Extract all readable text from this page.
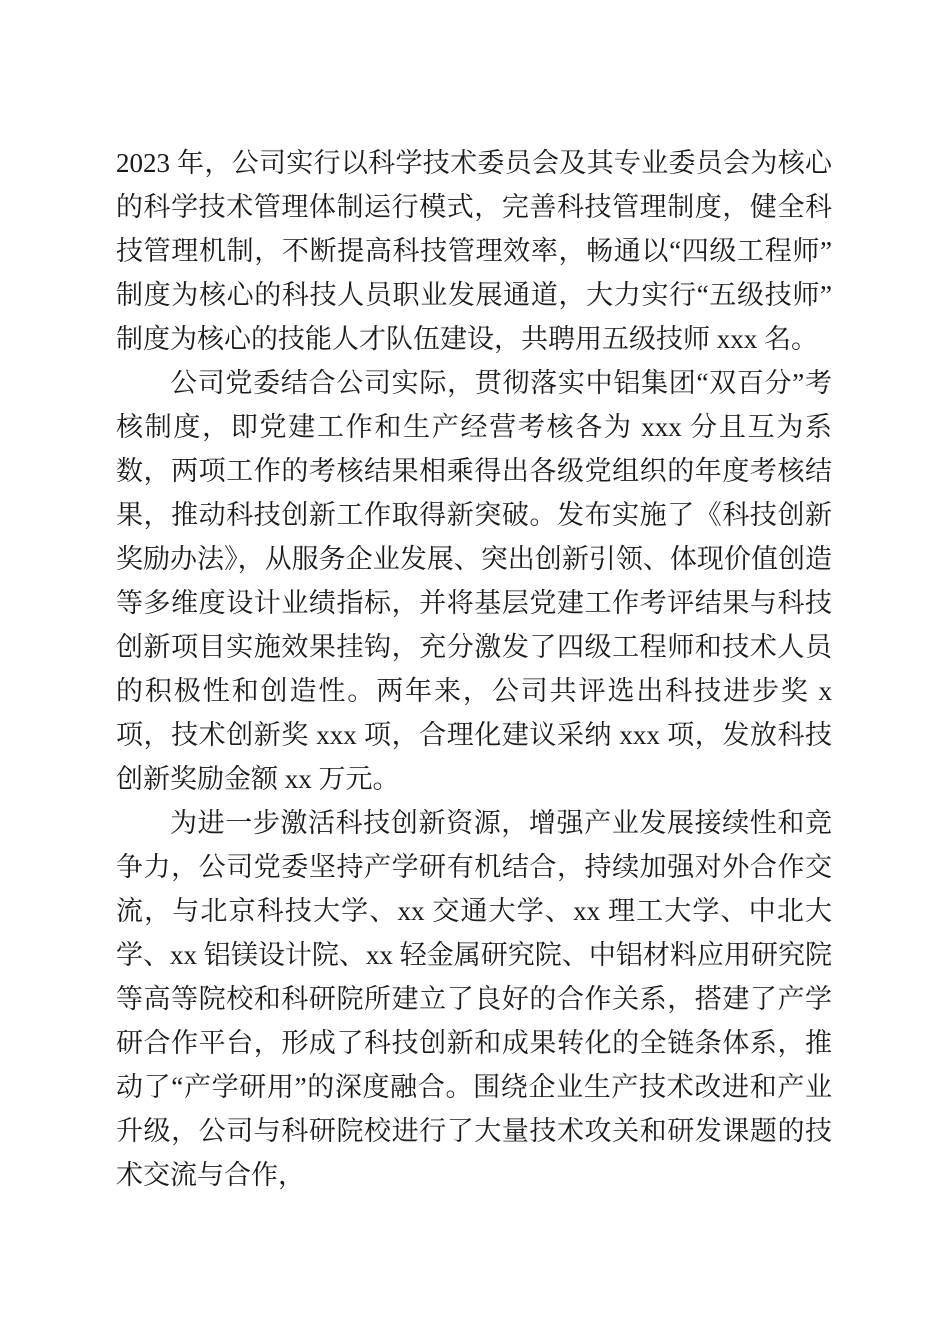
2023 年，公司实行以科学技术委员会及其专业委员会为核心的科学技术管理体制运行模式，完善科技管理制度，健全科技管理机制，不断提高科技管理效率，畅通以“四级工程师”制度为核心的科技人员职业发展通道，大力实行“五级技师”制度为核心的技能人才队伍建设，共聘用五级技师 xxx 名。

公司党委结合公司实际，贯彻落实中铝集团“双百分”考核制度，即党建工作和生产经营考核各为 xxx 分且互为系数，两项工作的考核结果相乘得出各级党组织的年度考核结果，推动科技创新工作取得新突破。发布实施了《科技创新奖励办法》，从服务企业发展、突出创新引领、体现价值创造等多维度设计业绩指标，并将基层党建工作考评结果与科技创新项目实施效果挂钩，充分激发了四级工程师和技术人员的积极性和创造性。两年来，公司共评选出科技进步奖 x 项，技术创新奖 xxx 项，合理化建议采纳 xxx 项，发放科技创新奖励金额 xx 万元。

为进一步激活科技创新资源，增强产业发展接续性和竞争力，公司党委坚持产学研有机结合，持续加强对外合作交流，与北京科技大学、xx 交通大学、xx 理工大学、中北大学、xx 铝镁设计院、xx 轻金属研究院、中铝材料应用研究院等高等院校和科研院所建立了良好的合作关系，搭建了产学研合作平台，形成了科技创新和成果转化的全链条体系，推动了“产学研用”的深度融合。围绕企业生产技术改进和产业升级，公司与科研院校进行了大量技术攻关和研发课题的技术交流与合作，
